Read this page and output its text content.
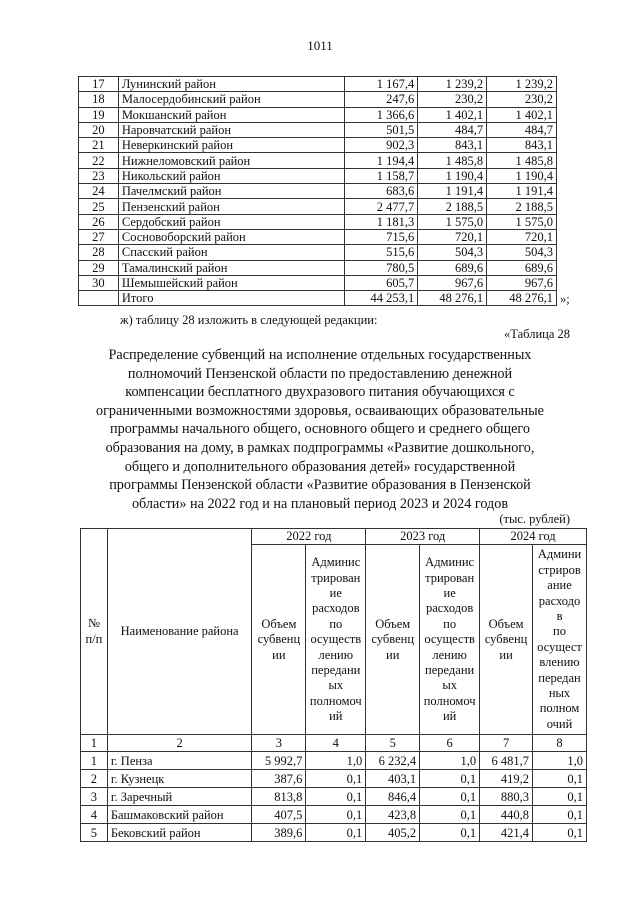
1011
17	Лунинский район	1 167,4	1 239,2	1 239,2
18	Малосердобинский район	247,6	230,2	230,2
19	Мокшанский район	1 366,6	1 402,1	1 402,1
20	Наровчатский район	501,5	484,7	484,7
21	Неверкинский район	902,3	843,1	843,1
22	Нижнеломовский район	1 194,4	1 485,8	1 485,8
23	Никольский район	1 158,7	1 190,4	1 190,4
24	Пачелмский район	683,6	1 191,4	1 191,4
25	Пензенский район	2 477,7	2 188,5	2 188,5
26	Сердобский район	1 181,3	1 575,0	1 575,0
27	Сосновоборский район	715,6	720,1	720,1
28	Спасский район	515,6	504,3	504,3
29	Тамалинский район	780,5	689,6	689,6
30	Шемышейский район	605,7	967,6	967,6
	Итого	44 253,1	48 276,1	48 276,1 »;
ж) таблицу 28 изложить в следующей редакции:
«Таблица 28
Распределение субвенций на исполнение отдельных государственных
полномочий Пензенской области по предоставлению денежной
компенсации бесплатного двухразового питания обучающихся с
ограниченными возможностями здоровья, осваивающих образовательные
программы начального общего, основного общего и среднего общего
образования на дому, в рамках подпрограммы «Развитие дошкольного,
общего и дополнительного образования детей» государственной
программы Пензенской области «Развитие образования в Пензенской
области» на 2022 год и на плановый период 2023 и 2024 годов
(тыс. рублей)
№ п/п	Наименование района	2022 год		2023 год		2024 год	
		Объем субвенц ии	Админис трирован ие расходов по осуществ лению передани ых полномоч ий	Объем субвенц ии	Админис трирован ие расходов по осуществ лению передани ых полномоч ий	Объем субвенц ии	Админи стриров ание расходо в по осущест влению передан ных полном очий
1	2	3	4	5	6	7	8
1	г. Пенза	5 992,7	1,0	6 232,4	1,0	6 481,7	1,0
2	г. Кузнецк	387,6	0,1	403,1	0,1	419,2	0,1
3	г. Заречный	813,8	0,1	846,4	0,1	880,3	0,1
4	Башмаковский район	407,5	0,1	423,8	0,1	440,8	0,1
5	Бековский район	389,6	0,1	405,2	0,1	421,4	0,1
